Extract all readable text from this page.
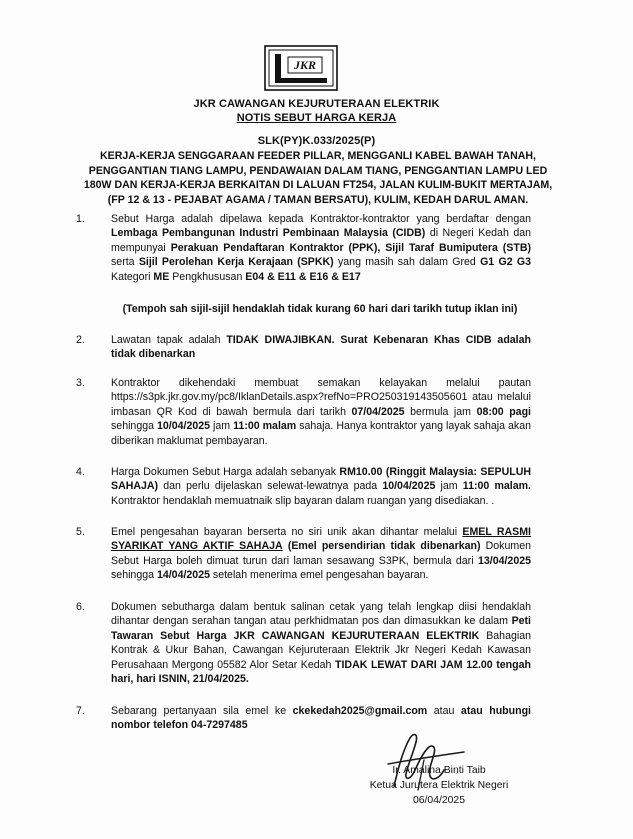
JKR
JKR CAWANGAN KEJURUTERAAN ELEKTRIK
NOTIS SEBUT HARGA KERJA
SLK(PY)K.033/2025(P)
KERJA-KERJA SENGGARAAN FEEDER PILLAR, MENGGANLI KABEL BAWAH TANAH, PENGGANTIAN TIANG LAMPU, PENDAWAIAN DALAM TIANG, PENGGANTIAN LAMPU LED 180W DAN KERJA-KERJA BERKAITAN DI LALUAN FT254, JALAN KULIM-BUKIT MERTAJAM, (FP 12 & 13 - PEJABAT AGAMA / TAMAN BERSATU), KULIM, KEDAH DARUL AMAN.
1. Sebut Harga adalah dipelawa kepada Kontraktor-kontraktor yang berdaftar dengan Lembaga Pembangunan Industri Pembinaan Malaysia (CIDB) di Negeri Kedah dan mempunyai Perakuan Pendaftaran Kontraktor (PPK), Sijil Taraf Bumiputera (STB) serta Sijil Perolehan Kerja Kerajaan (SPKK) yang masih sah dalam Gred G1 G2 G3 Kategori ME Pengkhususan E04 & E11 & E16 & E17
(Tempoh sah sijil-sijil hendaklah tidak kurang 60 hari dari tarikh tutup iklan ini)
2. Lawatan tapak adalah TIDAK DIWAJIBKAN. Surat Kebenaran Khas CIDB adalah tidak dibenarkan
3. Kontraktor dikehendaki membuat semakan kelayakan melalui pautan https://s3pk.jkr.gov.my/pc8/IklanDetails.aspx?refNo=PRO250319143505601 atau melalui imbasan QR Kod di bawah bermula dari tarikh 07/04/2025 bermula jam 08:00 pagi sehingga 10/04/2025 jam 11:00 malam sahaja. Hanya kontraktor yang layak sahaja akan diberikan maklumat pembayaran.
4. Harga Dokumen Sebut Harga adalah sebanyak RM10.00 (Ringgit Malaysia: SEPULUH SAHAJA) dan perlu dijelaskan selewat-lewatnya pada 10/04/2025 jam 11:00 malam. Kontraktor hendaklah memuatnaik slip bayaran dalam ruangan yang disediakan. .
5. Emel pengesahan bayaran berserta no siri unik akan dihantar melalui EMEL RASMI SYARIKAT YANG AKTIF SAHAJA (Emel persendirian tidak dibenarkan) Dokumen Sebut Harga boleh dimuat turun dari laman sesawang S3PK, bermula dari 13/04/2025 sehingga 14/04/2025 setelah menerima emel pengesahan bayaran.
6. Dokumen sebutharga dalam bentuk salinan cetak yang telah lengkap diisi hendaklah dihantar dengan serahan tangan atau perkhidmatan pos dan dimasukkan ke dalam Peti Tawaran Sebut Harga JKR CAWANGAN KEJURUTERAAN ELEKTRIK Bahagian Kontrak & Ukur Bahan, Cawangan Kejuruteraan Elektrik Jkr Negeri Kedah Kawasan Perusahaan Mergong 05582 Alor Setar Kedah TIDAK LEWAT DARI JAM 12.00 tengah hari, hari ISNIN, 21/04/2025.
7. Sebarang pertanyaan sila emel ke ckekedah2025@gmail.com atau atau hubungi nombor telefon 04-7297485
Ir. Amalina Binti Taib
Ketua Jurutera Elektrik Negeri
06/04/2025
